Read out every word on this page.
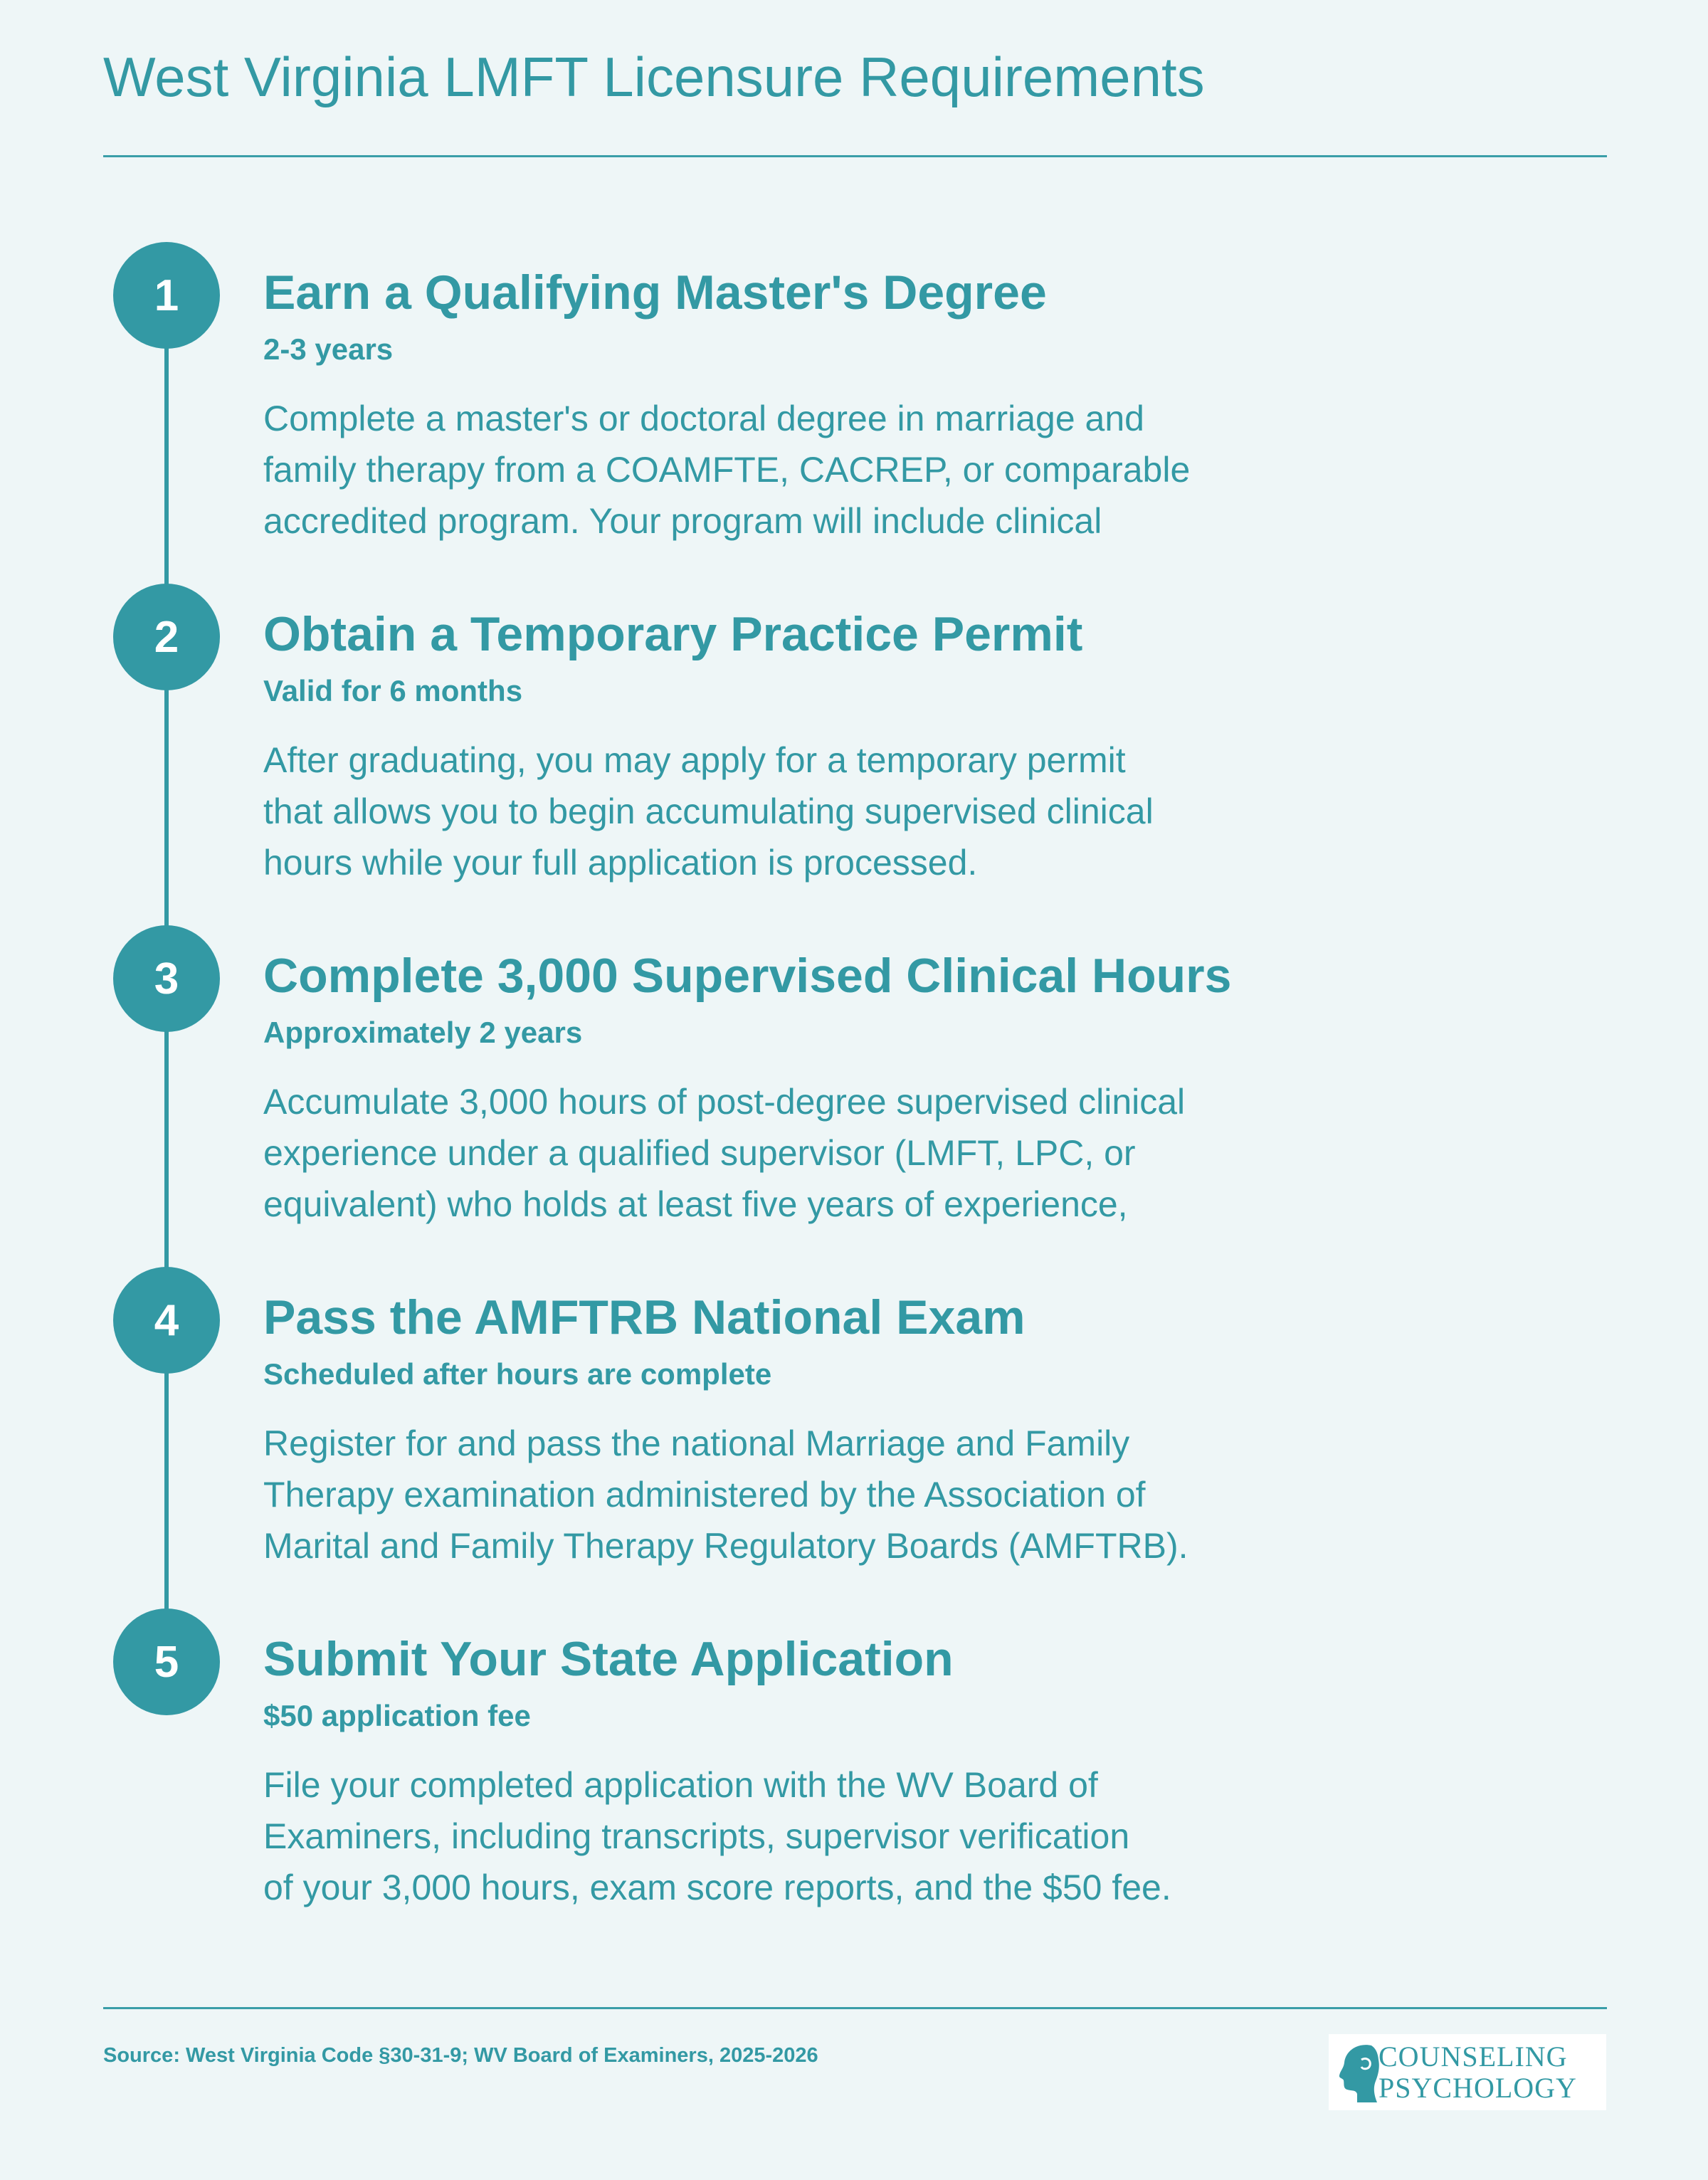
West Virginia LMFT Licensure Requirements
1	Earn a Qualifying Master's Degree
2-3 years
Complete a master's or doctoral degree in marriage and
family therapy from a COAMFTE, CACREP, or comparable
accredited program. Your program will include clinical
2	Obtain a Temporary Practice Permit
Valid for 6 months
After graduating, you may apply for a temporary permit
that allows you to begin accumulating supervised clinical
hours while your full application is processed.
3	Complete 3,000 Supervised Clinical Hours
Approximately 2 years
Accumulate 3,000 hours of post-degree supervised clinical
experience under a qualified supervisor (LMFT, LPC, or
equivalent) who holds at least five years of experience,
4	Pass the AMFTRB National Exam
Scheduled after hours are complete
Register for and pass the national Marriage and Family
Therapy examination administered by the Association of
Marital and Family Therapy Regulatory Boards (AMFTRB).
5	Submit Your State Application
$50 application fee
File your completed application with the WV Board of
Examiners, including transcripts, supervisor verification
of your 3,000 hours, exam score reports, and the $50 fee.
Source: West Virginia Code §30-31-9; WV Board of Examiners, 2025-2026	COUNSELING
PSYCHOLOGY
